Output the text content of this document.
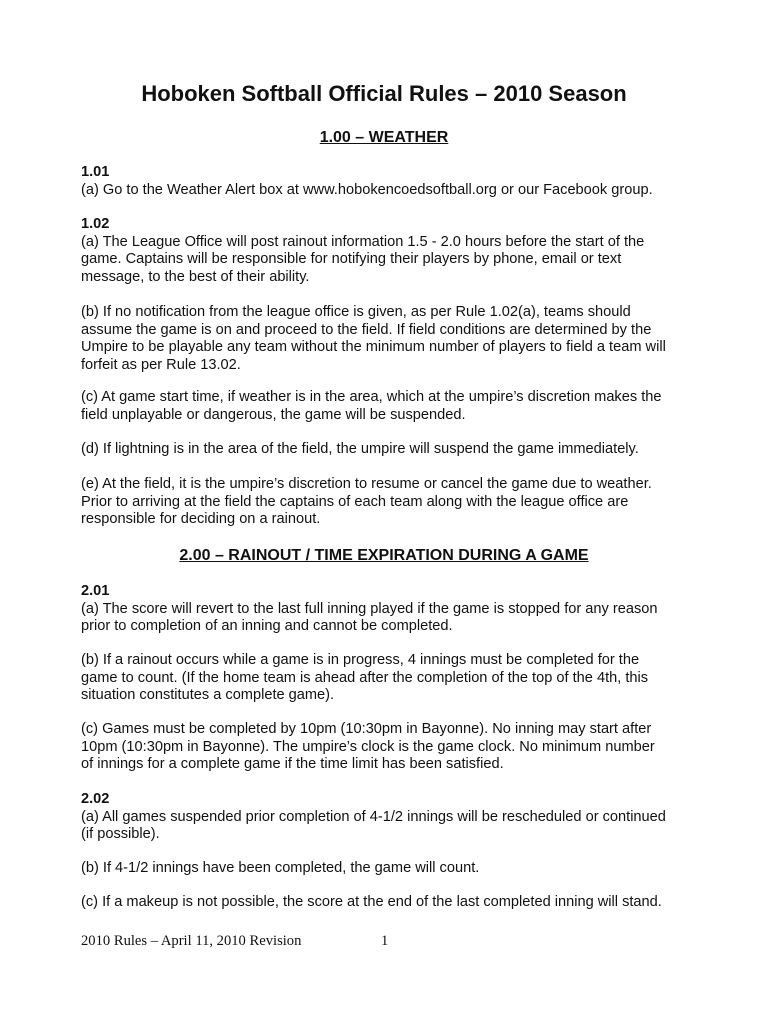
Hoboken Softball Official Rules – 2010 Season
1.00 – WEATHER
1.01
(a) Go to the Weather Alert box at www.hobokencoedsoftball.org or our Facebook group.
1.02
(a) The League Office will post rainout information 1.5 - 2.0 hours before the start of the
game. Captains will be responsible for notifying their players by phone, email or text
message, to the best of their ability.
(b) If no notification from the league office is given, as per Rule 1.02(a), teams should
assume the game is on and proceed to the field. If field conditions are determined by the
Umpire to be playable any team without the minimum number of players to field a team will
forfeit as per Rule 13.02.
(c) At game start time, if weather is in the area, which at the umpire’s discretion makes the
field unplayable or dangerous, the game will be suspended.
(d) If lightning is in the area of the field, the umpire will suspend the game immediately.
(e) At the field, it is the umpire’s discretion to resume or cancel the game due to weather.
Prior to arriving at the field the captains of each team along with the league office are
responsible for deciding on a rainout.
2.00 – RAINOUT / TIME EXPIRATION DURING A GAME
2.01
(a) The score will revert to the last full inning played if the game is stopped for any reason
prior to completion of an inning and cannot be completed.
(b) If a rainout occurs while a game is in progress, 4 innings must be completed for the
game to count. (If the home team is ahead after the completion of the top of the 4th, this
situation constitutes a complete game).
(c) Games must be completed by 10pm (10:30pm in Bayonne). No inning may start after
10pm (10:30pm in Bayonne). The umpire’s clock is the game clock. No minimum number
of innings for a complete game if the time limit has been satisfied.
2.02
(a) All games suspended prior completion of 4-1/2 innings will be rescheduled or continued
(if possible).
(b) If 4-1/2 innings have been completed, the game will count.
(c) If a makeup is not possible, the score at the end of the last completed inning will stand.
2010 Rules – April 11, 2010 Revision	1
